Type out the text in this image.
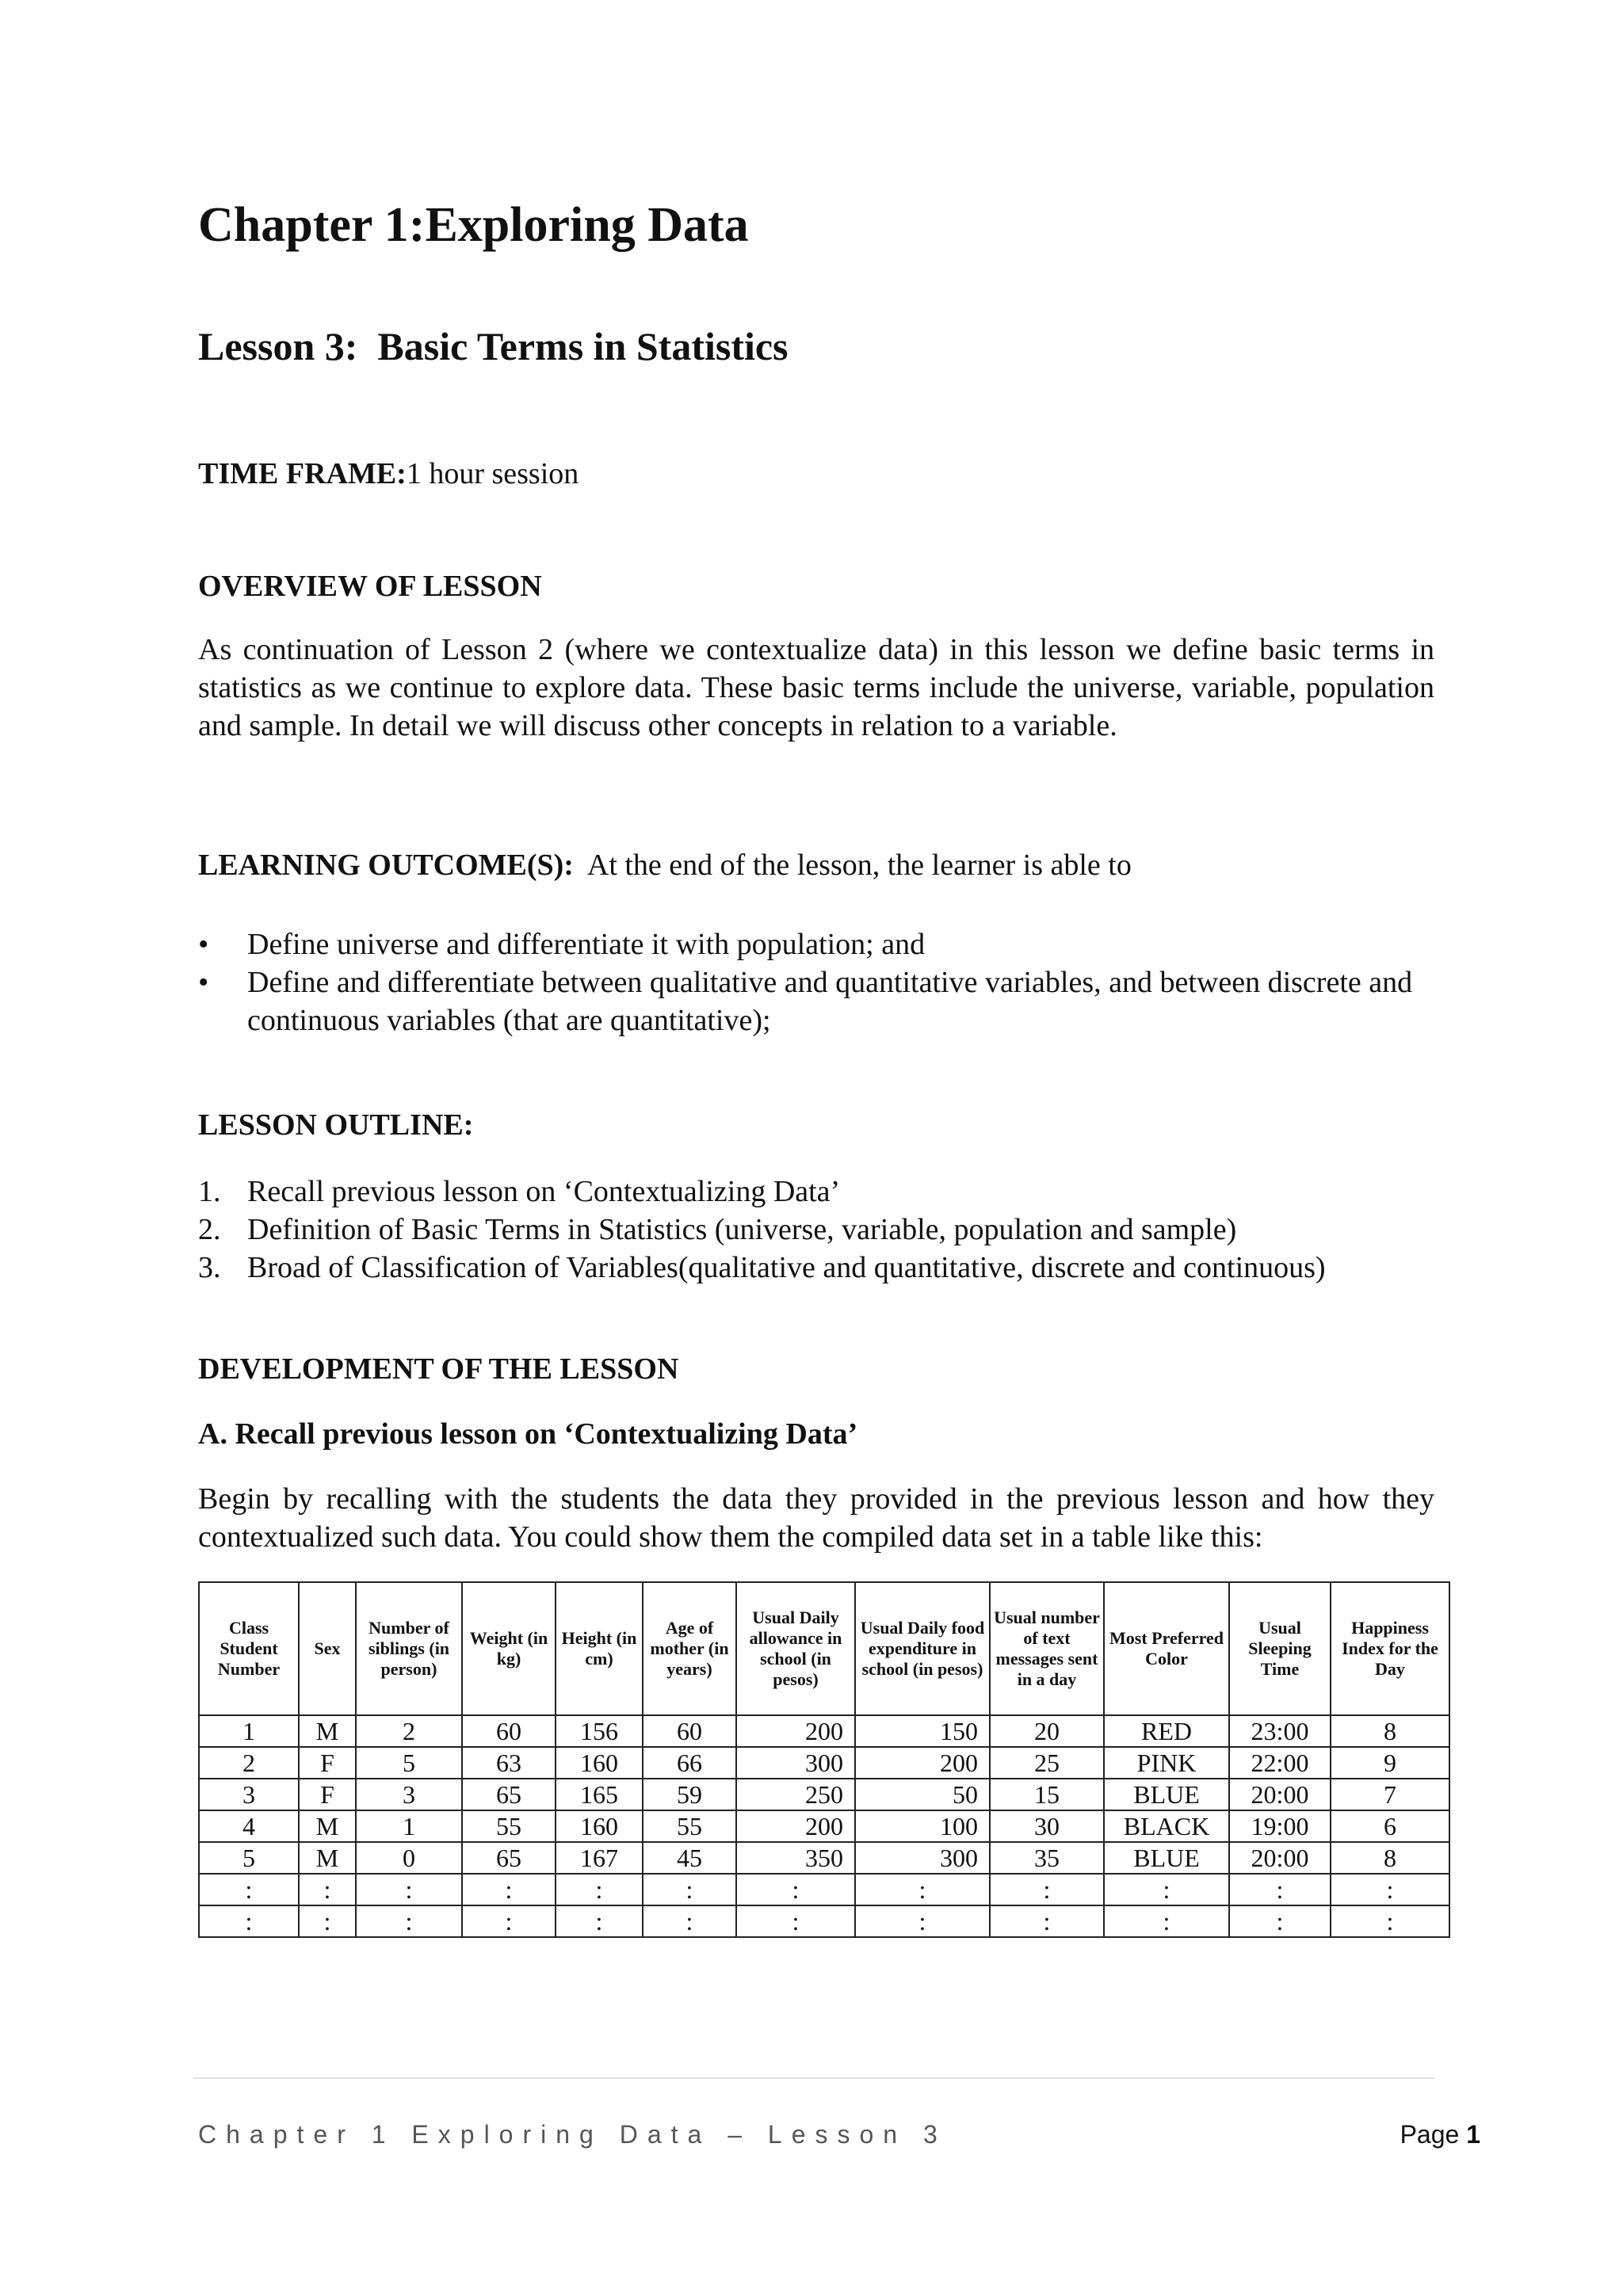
Chapter 1:Exploring Data
Lesson 3: Basic Terms in Statistics

TIME FRAME:1 hour session

OVERVIEW OF LESSON

As continuation of Lesson 2 (where we contextualize data) in this lesson we define basic terms in statistics as we continue to explore data. These basic terms include the universe, variable, population and sample. In detail we will discuss other concepts in relation to a variable.

LEARNING OUTCOME(S): At the end of the lesson, the learner is able to

• Define universe and differentiate it with population; and
• Define and differentiate between qualitative and quantitative variables, and between discrete and continuous variables (that are quantitative);

LESSON OUTLINE:

1. Recall previous lesson on ‘Contextualizing Data’
2. Definition of Basic Terms in Statistics (universe, variable, population and sample)
3. Broad of Classification of Variables(qualitative and quantitative, discrete and continuous)

DEVELOPMENT OF THE LESSON

A. Recall previous lesson on ‘Contextualizing Data’

Begin by recalling with the students the data they provided in the previous lesson and how they contextualized such data. You could show them the compiled data set in a table like this:

Class Student Number	Sex	Number of siblings (in person)	Weight (in kg)	Height (in cm)	Age of mother (in years)	Usual Daily allowance in school (in pesos)	Usual Daily food expenditure in school (in pesos)	Usual number of text messages sent in a day	Most Preferred Color	Usual Sleeping Time	Happiness Index for the Day
1	M	2	60	156	60	200	150	20	RED	23:00	8
2	F	5	63	160	66	300	200	25	PINK	22:00	9
3	F	3	65	165	59	250	50	15	BLUE	20:00	7
4	M	1	55	160	55	200	100	30	BLACK	19:00	6
5	M	0	65	167	45	350	300	35	BLUE	20:00	8
:	:	:	:	:	:	:	:	:	:	:	:
:	:	:	:	:	:	:	:	:	:	:	:

Chapter 1 Exploring Data – Lesson 3	Page 1
